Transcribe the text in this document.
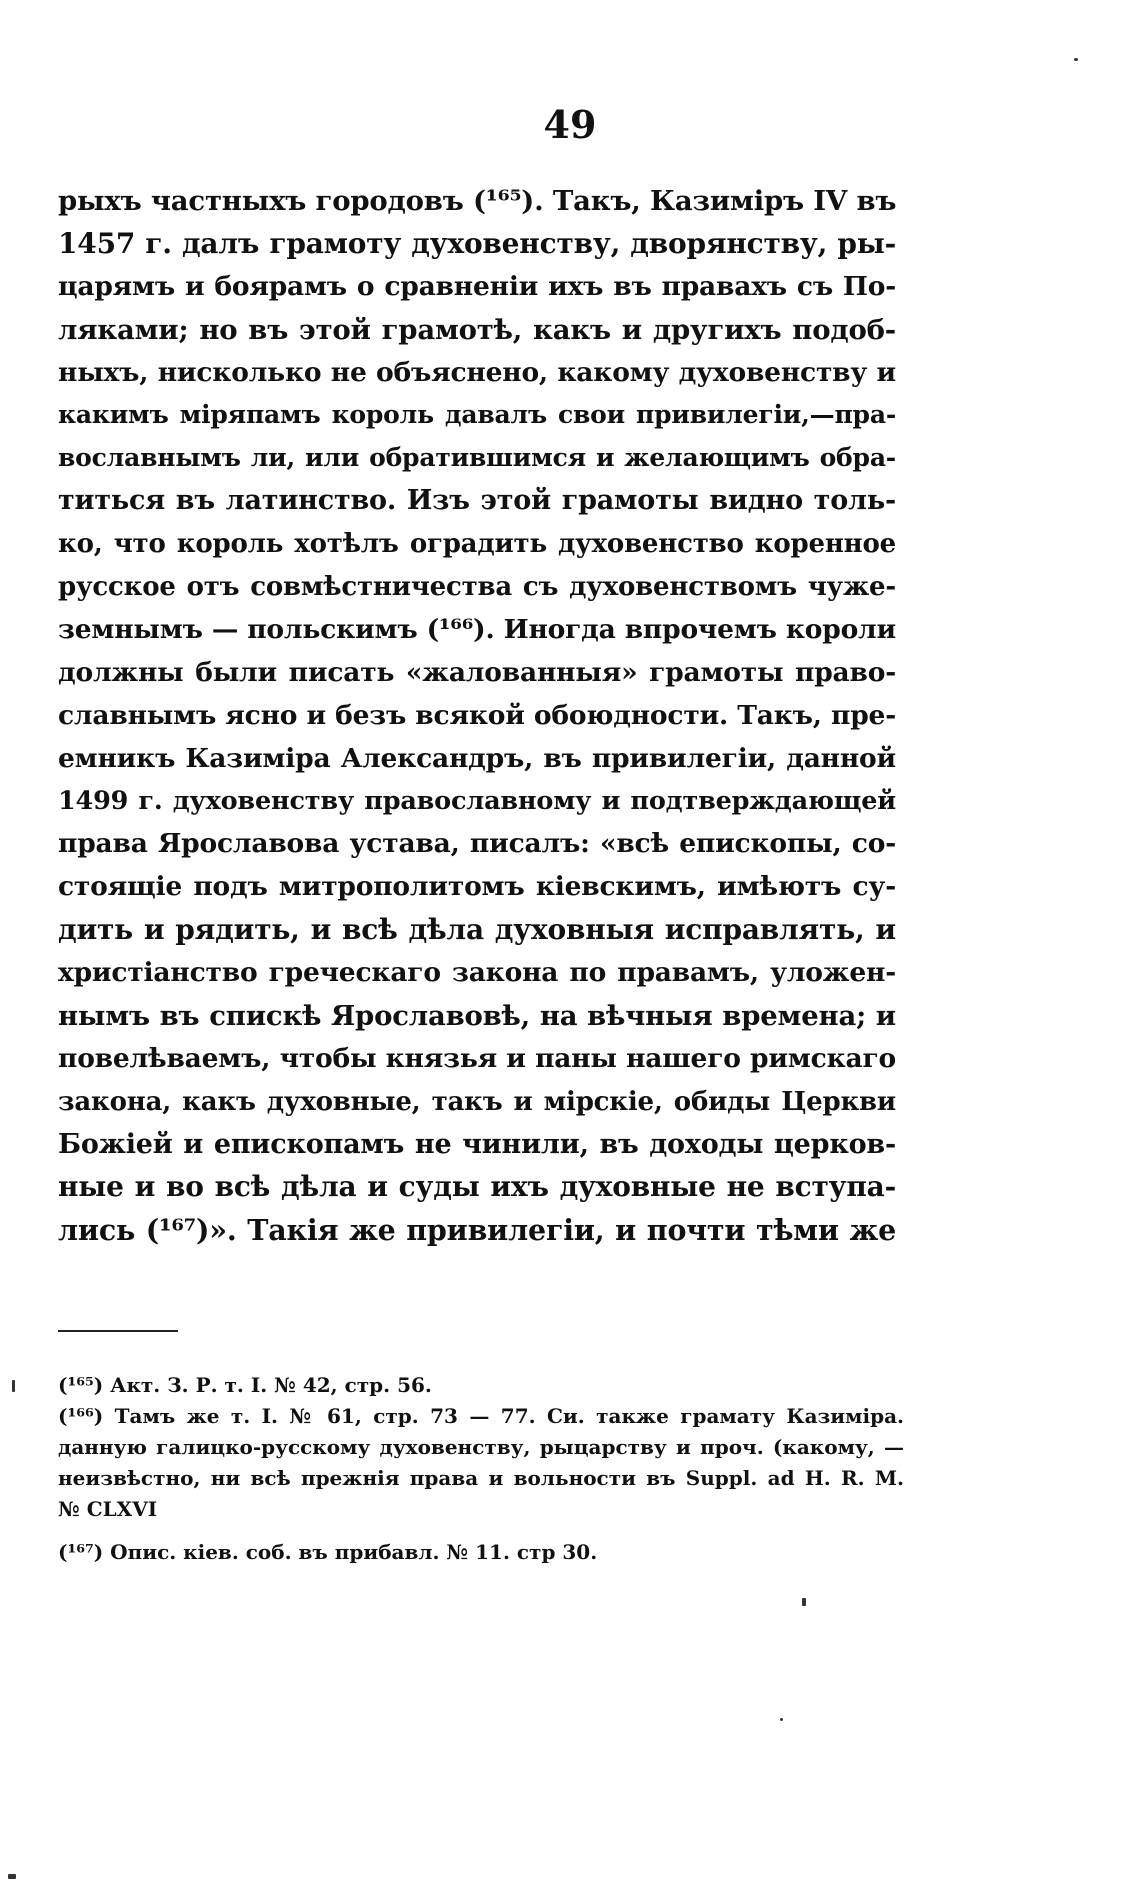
49
рыхъ частныхъ городовъ (¹⁶⁵). Такъ, Казиміръ IV въ
1457 г. далъ грамоту духовенству, дворянству, ры-
царямъ и боярамъ о сравненіи ихъ въ правахъ съ По-
ляками; но въ этой грамотѣ, какъ и другихъ подоб-
ныхъ, нисколько не объяснено, какому духовенству и
какимъ міряпамъ король давалъ свои привилегіи,—пра-
вославнымъ ли, или обратившимся и желающимъ обра-
титься въ латинство. Изъ этой грамоты видно толь-
ко, что король хотѣлъ оградить духовенство коренное
русское отъ совмѣстничества съ духовенствомъ чуже-
земнымъ — польскимъ (¹⁶⁶). Иногда впрочемъ короли
должны были писать «жалованныя» грамоты право-
славнымъ ясно и безъ всякой обоюдности. Такъ, пре-
емникъ Казиміра Александръ, въ привилегіи, данной
1499 г. духовенству православному и подтверждающей
права Ярославова устава, писалъ: «всѣ епископы, со-
стоящіе подъ митрополитомъ кіевскимъ, имѣютъ су-
дить и рядить, и всѣ дѣла духовныя исправлять, и
христіанство греческаго закона по правамъ, уложен-
нымъ въ спискѣ Ярославовѣ, на вѣчныя времена; и
повелѣваемъ, чтобы князья и паны нашего римскаго
закона, какъ духовные, такъ и мірскіе, обиды Церкви
Божіей и епископамъ не чинили, въ доходы церков-
ные и во всѣ дѣла и суды ихъ духовные не вступа-
лись (¹⁶⁷)». Такія же привилегіи, и почти тѣми же
(¹⁶⁵) Акт. З. Р. т. I. № 42, стр. 56.
(¹⁶⁶) Тамъ же т. I. № 61, стр. 73 — 77. Си. также грамату Казиміра.
данную галицко-русскому духовенству, рыцарству и проч. (какому, —
неизвѣстно, ни всѣ прежнія права и вольности въ Suppl. ad H. R. M.
№ CLXVI
(¹⁶⁷) Опис. кіев. соб. въ прибавл. № 11. стр 30.
